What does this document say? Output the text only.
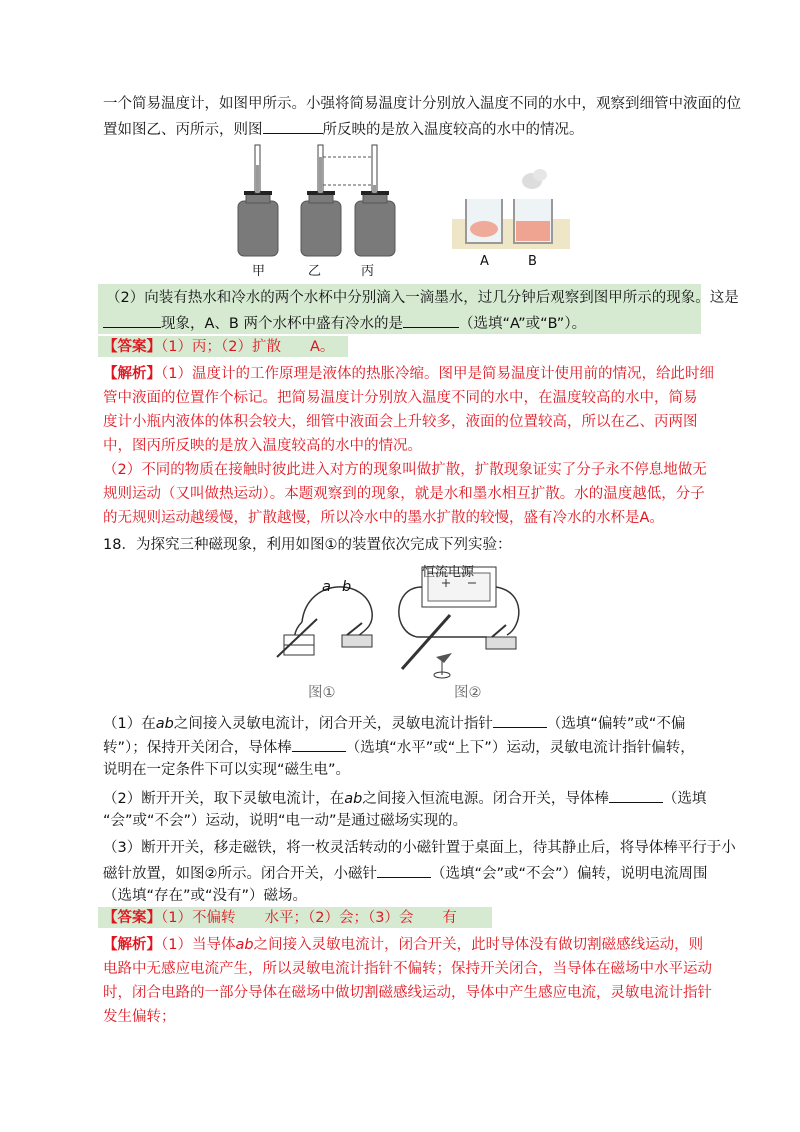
一个简易温度计，如图甲所示。小强将简易温度计分别放入温度不同的水中，观察到细管中液面的位
置如图乙、丙所示，则图	所反映的是放入温度较高的水中的情况。
甲	乙	丙
A	B
（2）向装有热水和冷水的两个水杯中分别滴入一滴墨水，过几分钟后观察到图甲所示的现象。这是
现象，A、B 两个水杯中盛有冷水的是	（选填“A”或“B”）。
【答案】（1）丙；（2）扩散　　A。
【解析】（1）温度计的工作原理是液体的热胀冷缩。图甲是简易温度计使用前的情况，给此时细
管中液面的位置作个标记。把简易温度计分别放入温度不同的水中，在温度较高的水中，简易
度计小瓶内液体的体积会较大，细管中液面会上升较多，液面的位置较高，所以在乙、丙两图
中，图丙所反映的是放入温度较高的水中的情况。
（2）不同的物质在接触时彼此进入对方的现象叫做扩散，扩散现象证实了分子永不停息地做无
规则运动（又叫做热运动）。本题观察到的现象，就是水和墨水相互扩散。水的温度越低，分子
的无规则运动越缓慢，扩散越慢，所以冷水中的墨水扩散的较慢，盛有冷水的水杯是A。
18．为探究三种磁现象，利用如图①的装置依次完成下列实验：
恒流电源
a b
图①	图②
（1）在ab之间接入灵敏电流计，闭合开关，灵敏电流计指针	（选填“偏转”或“不偏
转”）；保持开关闭合，导体棒	（选填“水平”或“上下”）运动，灵敏电流计指针偏转，
说明在一定条件下可以实现“磁生电”。
（2）断开开关，取下灵敏电流计，在ab之间接入恒流电源。闭合开关，导体棒	（选填
“会”或“不会”）运动，说明“电一动”是通过磁场实现的。
（3）断开开关，移走磁铁，将一枚灵活转动的小磁针置于桌面上，待其静止后，将导体棒平行于小
磁针放置，如图②所示。闭合开关，小磁针	（选填“会”或“不会”）偏转，说明电流周围
（选填“存在”或“没有”）磁场。
【答案】（1）不偏转　　水平；（2）会；（3）会　　有
【解析】（1）当导体ab之间接入灵敏电流计，闭合开关，此时导体没有做切割磁感线运动，则
电路中无感应电流产生，所以灵敏电流计指针不偏转；保持开关闭合，当导体在磁场中水平运动
时，闭合电路的一部分导体在磁场中做切割磁感线运动，导体中产生感应电流，灵敏电流计指针
发生偏转；
